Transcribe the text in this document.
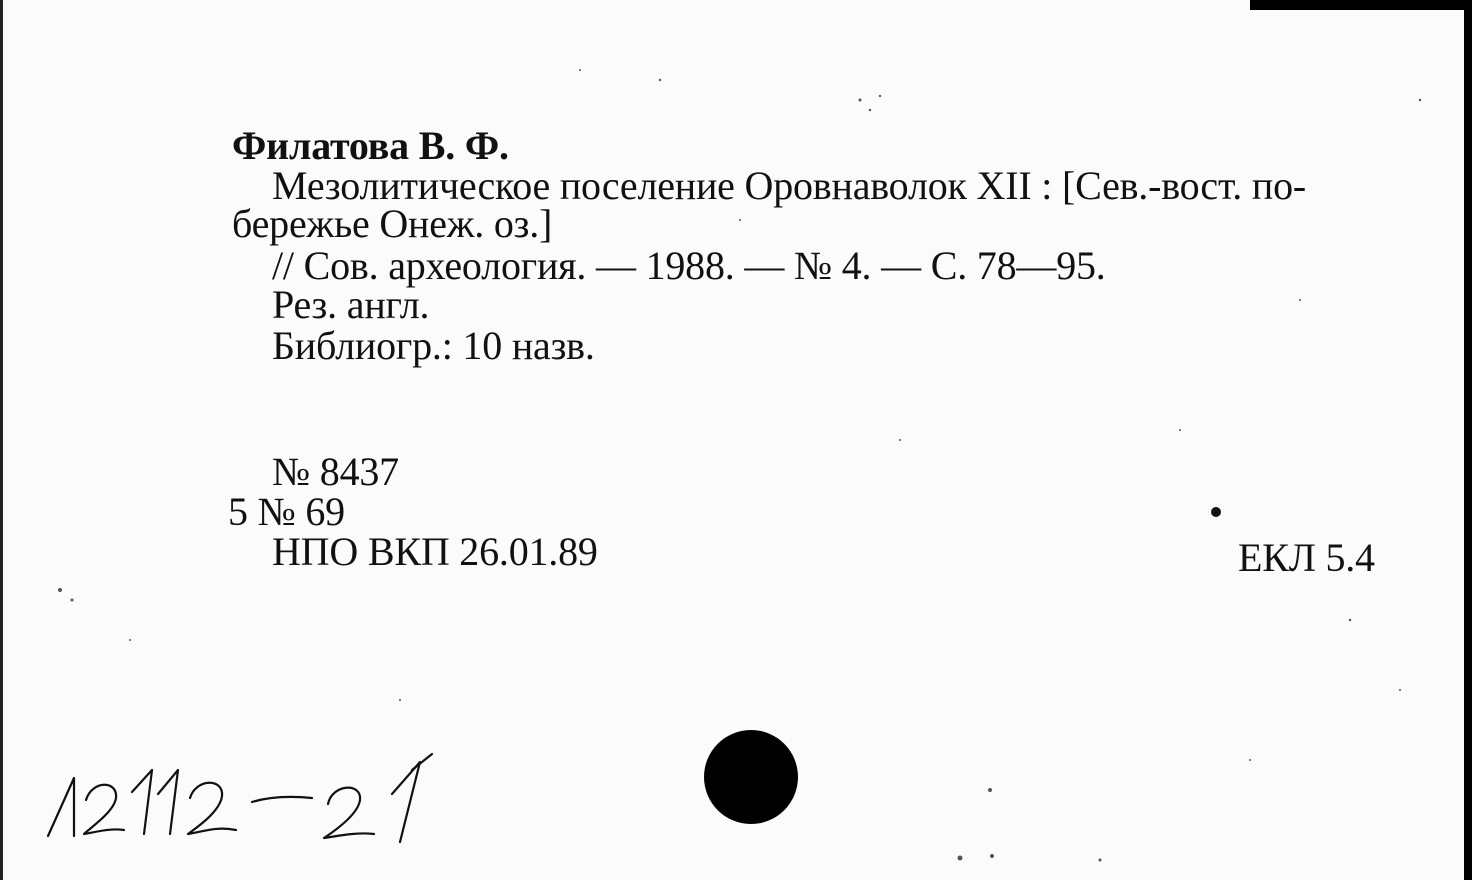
Филатова В. Ф.
Мезолитическое поселение Оровнаволок XII : [Сев.-вост. по-
бережье Онеж. оз.]
// Сов. археология. — 1988. — № 4. — С. 78—95.
Рез. англ.
Библиогр.: 10 назв.
№ 8437
5 № 69
НПО ВКП 26.01.89	ЕКЛ 5.4
